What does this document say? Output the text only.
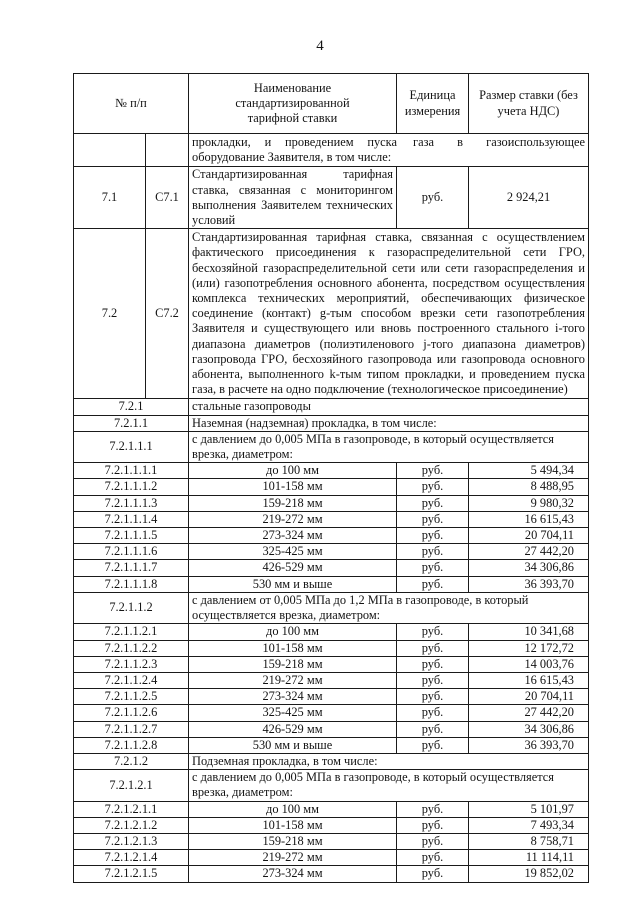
4
№ п/п		Наименование стандартизированной тарифной ставки	Единица измерения	Размер ставки (без учета НДС)

		прокладки, и проведением пуска газа в газоиспользующее
оборудование Заявителя, в том числе:		

7.1	С7.1	Стандартизированная тарифная ставка, связанная с мониторингом выполнения Заявителем технических условий	руб.	2 924,21
7.2	С7.2	Стандартизированная тарифная ставка, связанная с осуществлением фактического присоединения к газораспределительной сети ГРО, бесхозяйной газораспределительной сети или сети газораспределения и (или) газопотребления основного абонента, посредством осуществления комплекса технических мероприятий, обеспечивающих физическое соединение (контакт) g-тым способом врезки сети газопотребления Заявителя и существующего или вновь построенного стального i-того диапазона диаметров (полиэтиленового j-того диапазона диаметров) газопровода ГРО, бесхозяйного газопровода или газопровода основного абонента, выполненного k-тым типом прокладки, и проведением пуска газа, в расчете на одно подключение (технологическое присоединение)		
7.2.1		стальные газопроводы		
7.2.1.1		Наземная (надземная) прокладка, в том числе:		
7.2.1.1.1		с давлением до 0,005 МПа в газопроводе, в который осуществляется врезка, диаметром:		
7.2.1.1.1.1		до 100 мм	руб.	5 494,34
7.2.1.1.1.2		101-158 мм	руб.	8 488,95
7.2.1.1.1.3		159-218 мм	руб.	9 980,32
7.2.1.1.1.4		219-272 мм	руб.	16 615,43
7.2.1.1.1.5		273-324 мм	руб.	20 704,11
7.2.1.1.1.6		325-425 мм	руб.	27 442,20
7.2.1.1.1.7		426-529 мм	руб.	34 306,86
7.2.1.1.1.8		530 мм и выше	руб.	36 393,70
7.2.1.1.2		с давлением от 0,005 МПа до 1,2 МПа в газопроводе, в который осуществляется врезка, диаметром:		
7.2.1.1.2.1		до 100 мм	руб.	10 341,68
7.2.1.1.2.2		101-158 мм	руб.	12 172,72
7.2.1.1.2.3		159-218 мм	руб.	14 003,76
7.2.1.1.2.4		219-272 мм	руб.	16 615,43
7.2.1.1.2.5		273-324 мм	руб.	20 704,11
7.2.1.1.2.6		325-425 мм	руб.	27 442,20
7.2.1.1.2.7		426-529 мм	руб.	34 306,86
7.2.1.1.2.8		530 мм и выше	руб.	36 393,70
7.2.1.2		Подземная прокладка, в том числе:		
7.2.1.2.1		с давлением до 0,005 МПа в газопроводе, в который осуществляется врезка, диаметром:		
7.2.1.2.1.1		до 100 мм	руб.	5 101,97
7.2.1.2.1.2		101-158 мм	руб.	7 493,34
7.2.1.2.1.3		159-218 мм	руб.	8 758,71
7.2.1.2.1.4		219-272 мм	руб.	11 114,11
7.2.1.2.1.5		273-324 мм	руб.	19 852,02
